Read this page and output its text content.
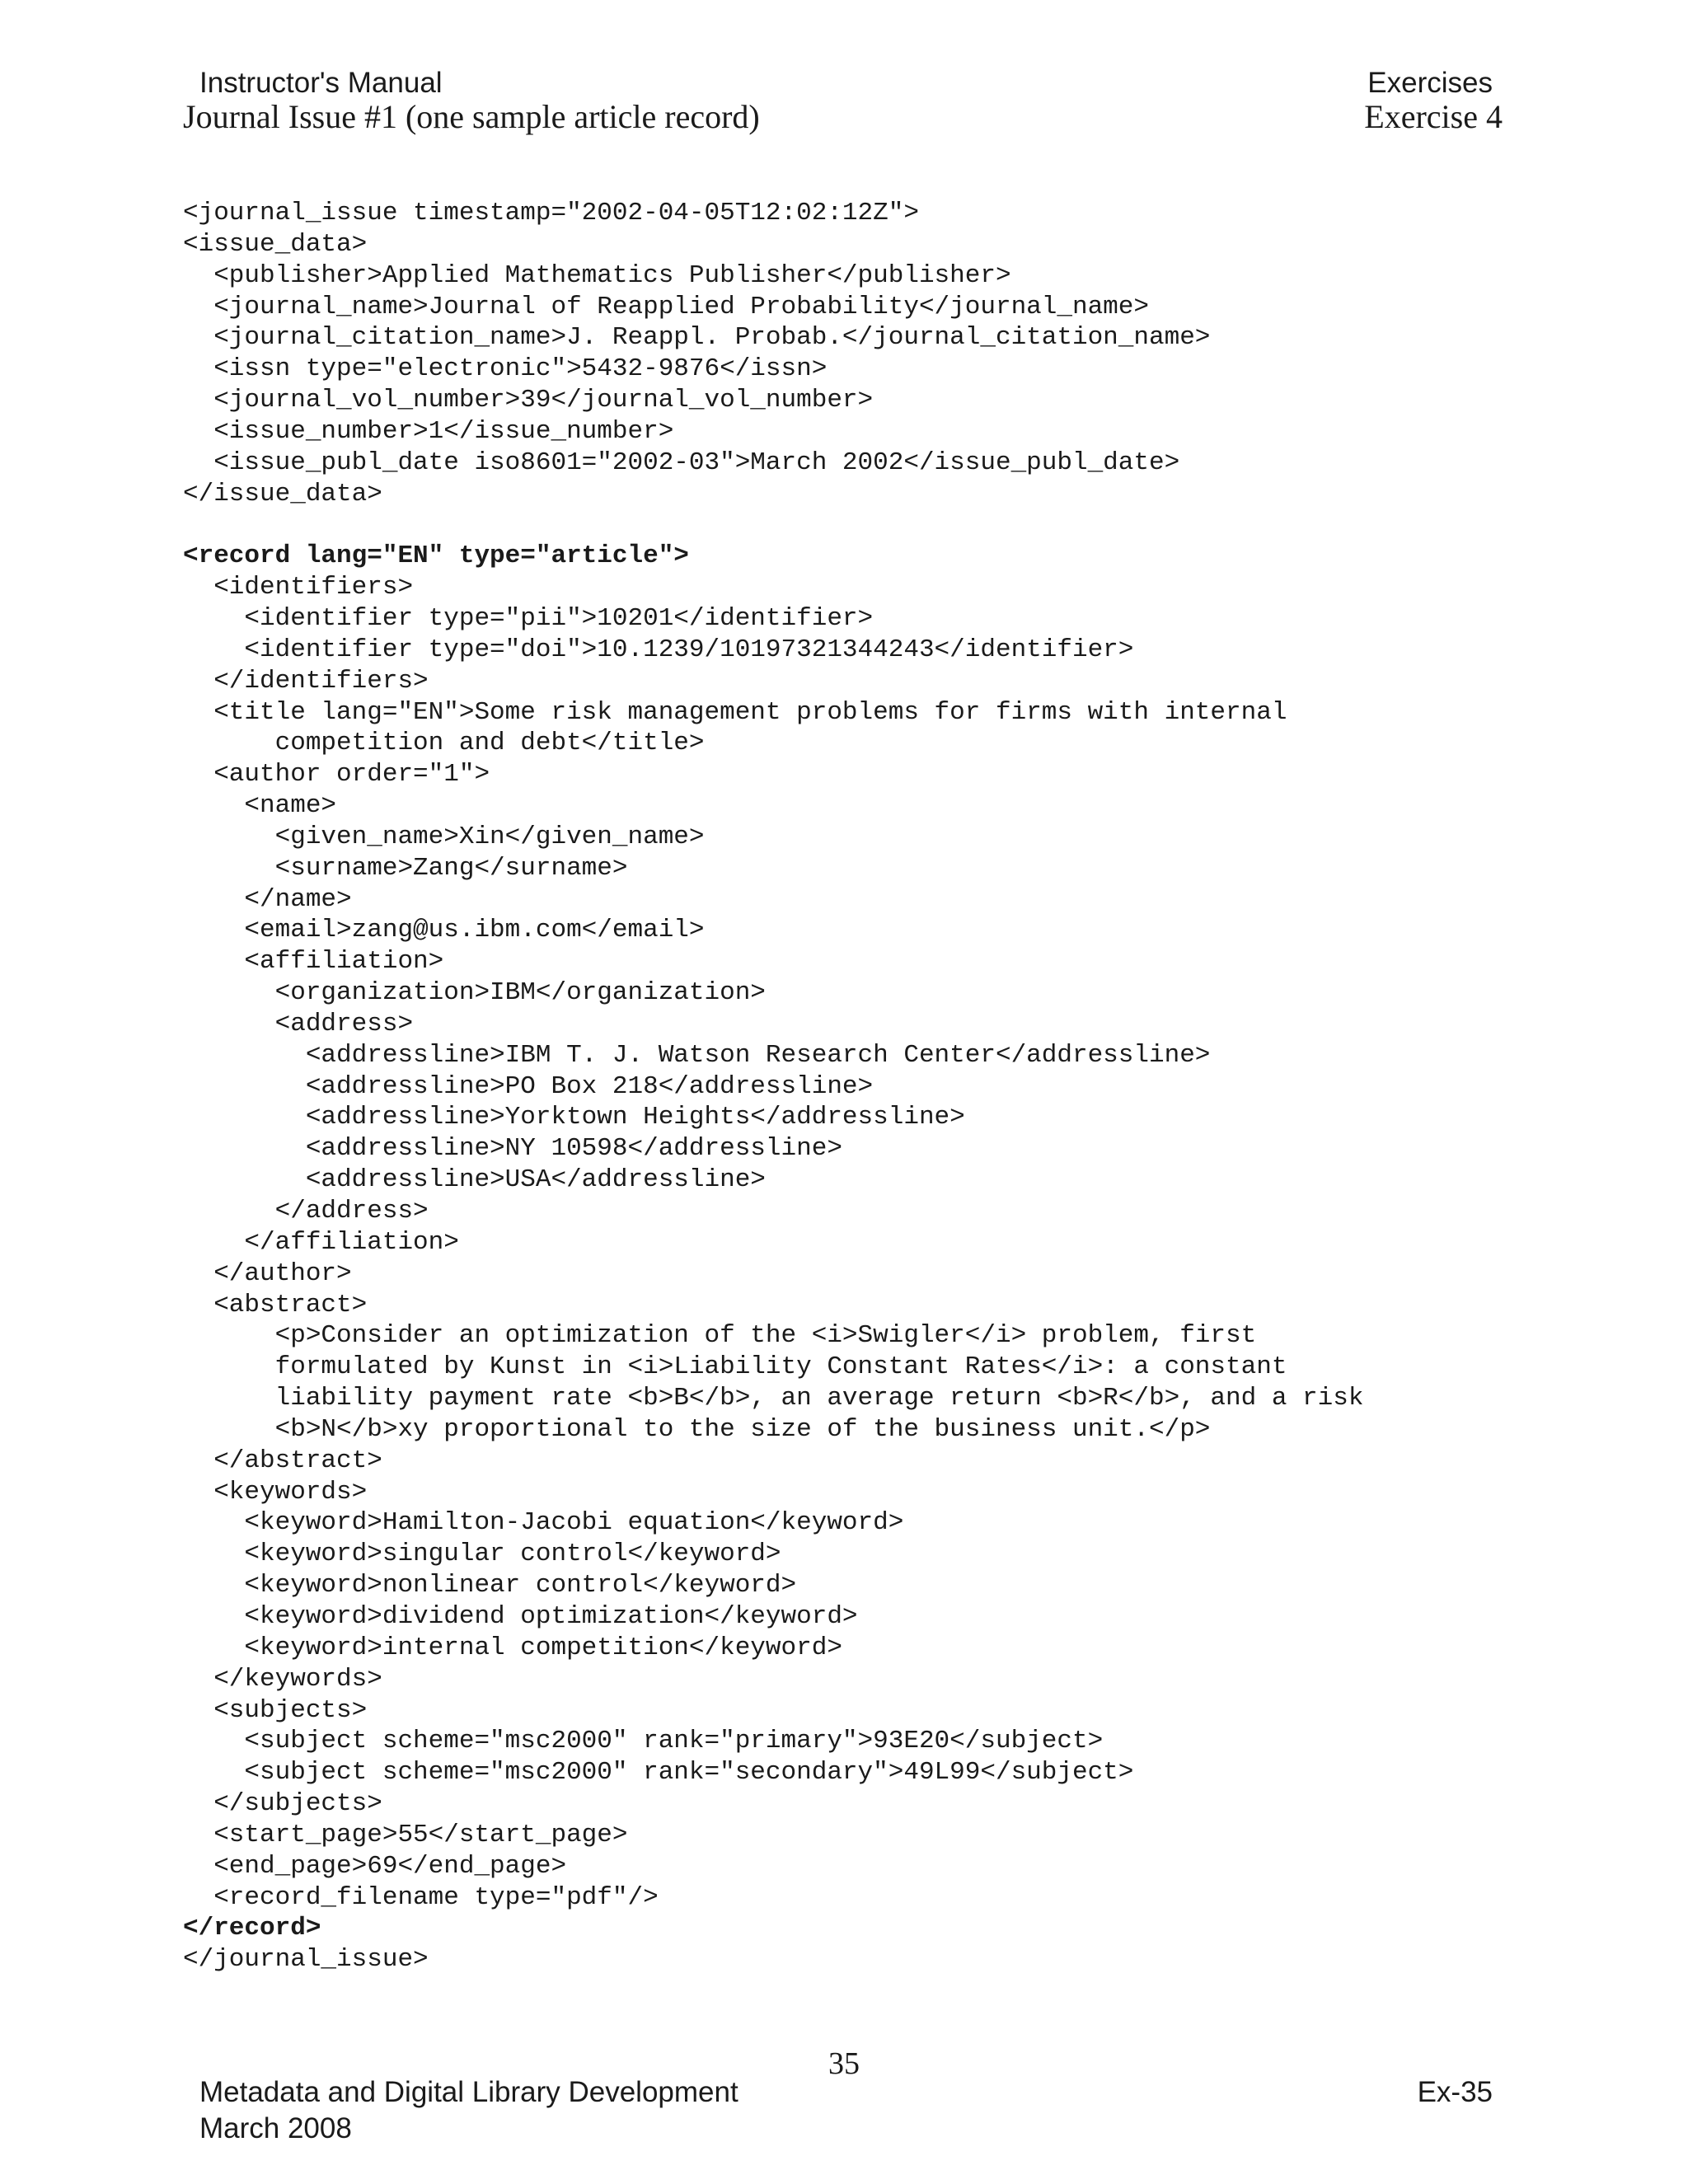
Instructor's Manual	Exercises
Journal Issue #1 (one sample article record)	Exercise 4
<journal_issue timestamp="2002-04-05T12:02:12Z">
<issue_data>
<publisher>Applied Mathematics Publisher</publisher>
<journal_name>Journal of Reapplied Probability</journal_name>
<journal_citation_name>J. Reappl. Probab.</journal_citation_name>
<issn type="electronic">5432-9876</issn>
<journal_vol_number>39</journal_vol_number>
<issue_number>1</issue_number>
<issue_publ_date iso8601="2002-03">March 2002</issue_publ_date>
</issue_data>
<record lang="EN" type="article">
<identifiers>
<identifier type="pii">10201</identifier>
<identifier type="doi">10.1239/10197321344243</identifier>
</identifiers>
<title lang="EN">Some risk management problems for firms with internal
competition and debt</title>
<author order="1">
<name>
<given_name>Xin</given_name>
<surname>Zang</surname>
</name>
<email>zang@us.ibm.com</email>
<affiliation>
<organization>IBM</organization>
<address>
<addressline>IBM T. J. Watson Research Center</addressline>
<addressline>PO Box 218</addressline>
<addressline>Yorktown Heights</addressline>
<addressline>NY 10598</addressline>
<addressline>USA</addressline>
</address>
</affiliation>
</author>
<abstract>
<p>Consider an optimization of the <i>Swigler</i> problem, first
formulated by Kunst in <i>Liability Constant Rates</i>: a constant
liability payment rate <b>B</b>, an average return <b>R</b>, and a risk
<b>N</b>xy proportional to the size of the business unit.</p>
</abstract>
<keywords>
<keyword>Hamilton-Jacobi equation</keyword>
<keyword>singular control</keyword>
<keyword>nonlinear control</keyword>
<keyword>dividend optimization</keyword>
<keyword>internal competition</keyword>
</keywords>
<subjects>
<subject scheme="msc2000" rank="primary">93E20</subject>
<subject scheme="msc2000" rank="secondary">49L99</subject>
</subjects>
<start_page>55</start_page>
<end_page>69</end_page>
<record_filename type="pdf"/>
</record>
</journal_issue>
35
Metadata and Digital Library Development
March 2008
Ex-35
